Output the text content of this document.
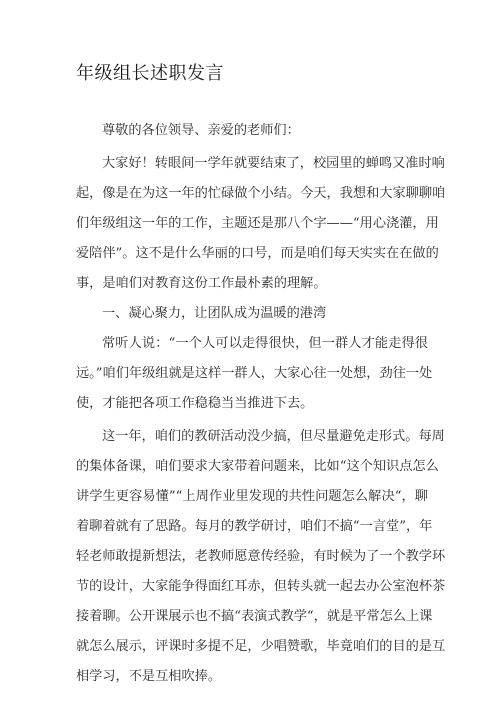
年级组长述职发言
尊敬的各位领导、亲爱的老师们：
大家好！转眼间一学年就要结束了，校园里的蝉鸣又准时响
起，像是在为这一年的忙碌做个小结。今天，我想和大家聊聊咱
们年级组这一年的工作，主题还是那八个字——“用心浇灌，用
爱陪伴”。这不是什么华丽的口号，而是咱们每天实实在在做的
事，是咱们对教育这份工作最朴素的理解。
一、凝心聚力，让团队成为温暖的港湾
常听人说：“一个人可以走得很快，但一群人才能走得很
远。”咱们年级组就是这样一群人，大家心往一处想，劲往一处
使，才能把各项工作稳稳当当推进下去。
这一年，咱们的教研活动没少搞，但尽量避免走形式。每周
的集体备课，咱们要求大家带着问题来，比如“这个知识点怎么
讲学生更容易懂”“上周作业里发现的共性问题怎么解决“，聊
着聊着就有了思路。每月的教学研讨，咱们不搞“一言堂”，年
轻老师敢提新想法，老教师愿意传经验，有时候为了一个教学环
节的设计，大家能争得面红耳赤，但转头就一起去办公室泡杯茶
接着聊。公开课展示也不搞“表演式教学“，就是平常怎么上课
就怎么展示，评课时多提不足，少唱赞歌，毕竟咱们的目的是互
相学习，不是互相吹捧。
